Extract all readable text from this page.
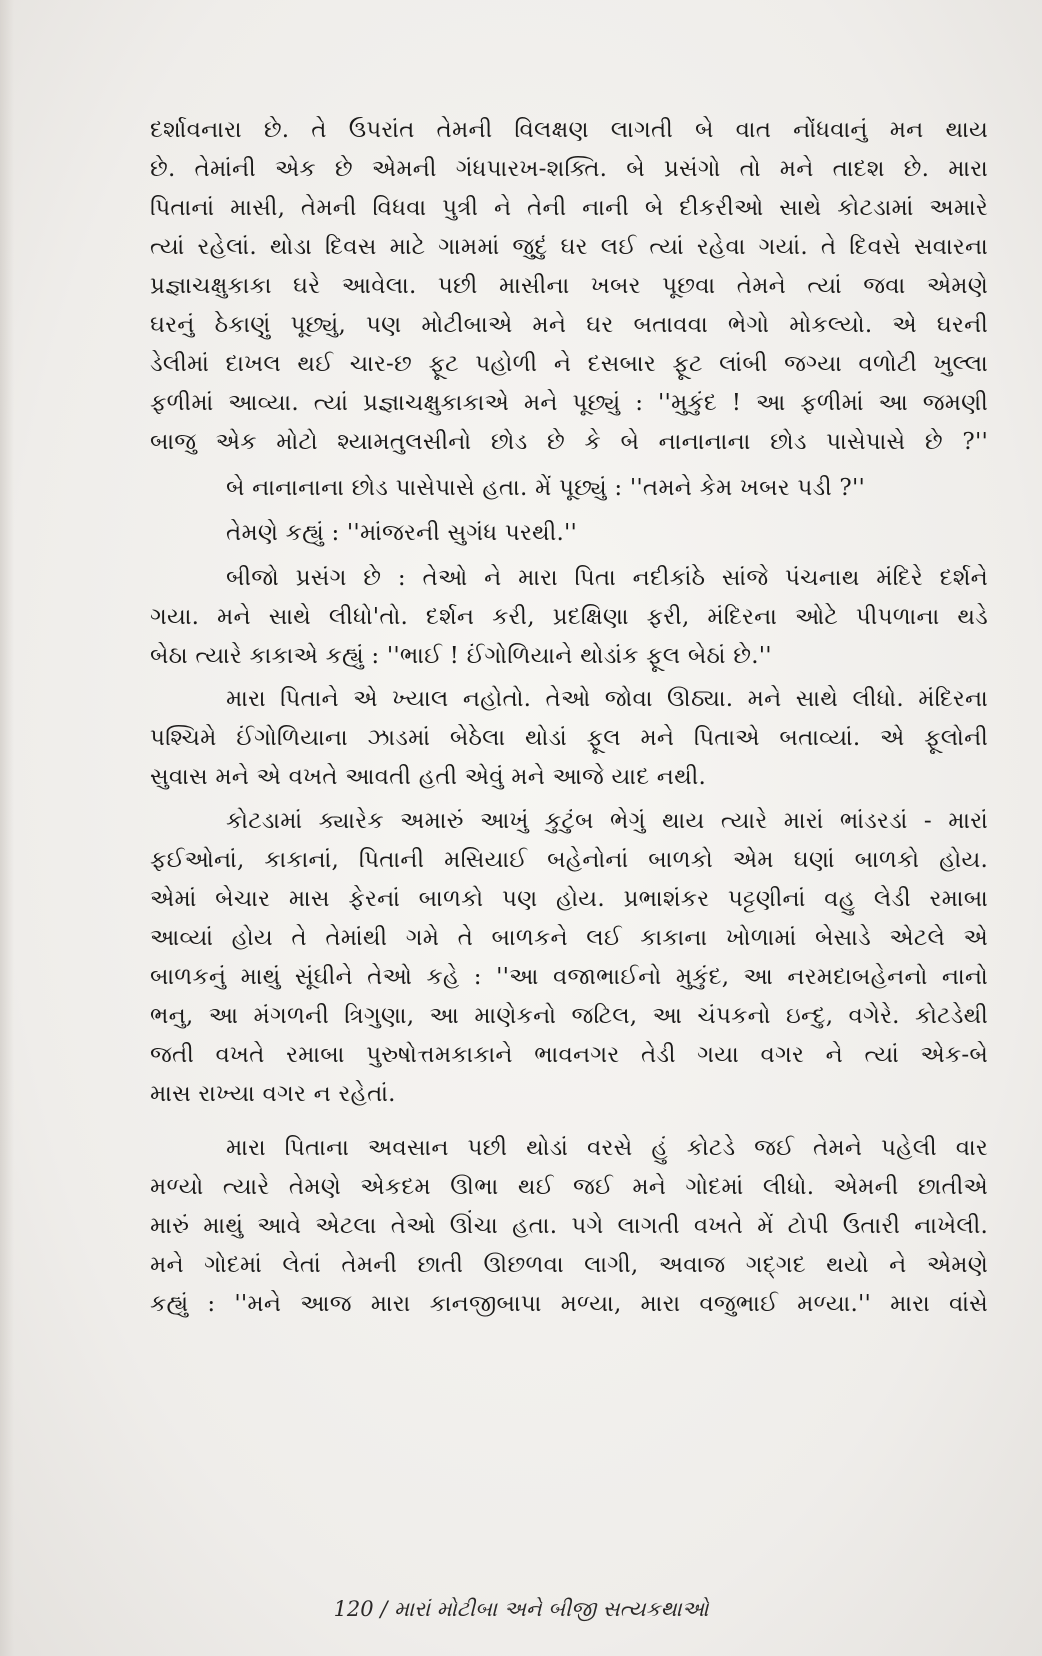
દર્શાવનારા છે. તે ઉપરાંત તેમની વિલક્ષણ લાગતી બે વાત નોંધવાનું મન થાય
છે. તેમાંની એક છે એમની ગંધપારખ-શક્તિ. બે પ્રસંગો તો મને તાદશ છે. મારા
પિતાનાં માસી, તેમની વિધવા પુત્રી ને તેની નાની બે દીકરીઓ સાથે કોટડામાં અમારે
ત્યાં રહેલાં. થોડા દિવસ માટે ગામમાં જુદું ઘર લઈ ત્યાં રહેવા ગયાં. તે દિવસે સવારના
પ્રજ્ઞાચક્ષુકાકા ઘરે આવેલા. પછી માસીના ખબર પૂછવા તેમને ત્યાં જવા એમણે
ઘરનું ઠેકાણું પૂછ્યું, પણ મોટીબાએ મને ઘર બતાવવા ભેગો મોકલ્યો. એ ઘરની
ડેલીમાં દાખલ થઈ ચાર-છ ફૂટ પહોળી ને દસબાર ફૂટ લાંબી જગ્યા વળોટી ખુલ્લા
ફળીમાં આવ્યા. ત્યાં પ્રજ્ઞાચક્ષુકાકાએ મને પૂછ્યું : ''મુકુંદ ! આ ફળીમાં આ જમણી
બાજુ એક મોટો શ્યામતુલસીનો છોડ છે કે બે નાનાનાના છોડ પાસેપાસે છે ?''
બે નાનાનાના છોડ પાસેપાસે હતા. મેં પૂછ્યું : ''તમને કેમ ખબર પડી ?''
તેમણે કહ્યું : ''માંજરની સુગંધ પરથી.''
બીજો પ્રસંગ છે : તેઓ ને મારા પિતા નદીકાંઠે સાંજે પંચનાથ મંદિરે દર્શને
ગયા. મને સાથે લીધો'તો. દર્શન કરી, પ્રદક્ષિણા ફરી, મંદિરના ઓટે પીપળાના થડે
બેઠા ત્યારે કાકાએ કહ્યું : ''ભાઈ ! ઈંગોળિયાને થોડાંક ફૂલ બેઠાં છે.''
મારા પિતાને એ ખ્યાલ નહોતો. તેઓ જોવા ઊઠ્યા. મને સાથે લીધો. મંદિરના
પશ્ચિમે ઈંગોળિયાના ઝાડમાં બેઠેલા થોડાં ફૂલ મને પિતાએ બતાવ્યાં. એ ફૂલોની
સુવાસ મને એ વખતે આવતી હતી એવું મને આજે યાદ નથી.
કોટડામાં ક્યારેક અમારું આખું કુટુંબ ભેગું થાય ત્યારે મારાં ભાંડરડાં - મારાં
ફઈઓનાં, કાકાનાં, પિતાની મસિયાઈ બહેનોનાં બાળકો એમ ઘણાં બાળકો હોય.
એમાં બેચાર માસ ફેરનાં બાળકો પણ હોય. પ્રભાશંકર પટ્ટણીનાં વહુ લેડી રમાબા
આવ્યાં હોય તે તેમાંથી ગમે તે બાળકને લઈ કાકાના ખોળામાં બેસાડે એટલે એ
બાળકનું માથું સૂંઘીને તેઓ કહે : ''આ વજાભાઈનો મુકુંદ, આ નરમદાબહેનનો નાનો
ભનુ, આ મંગળની ત્રિગુણા, આ માણેકનો જટિલ, આ ચંપકનો ઇન્દુ, વગેરે. કોટડેથી
જતી વખતે રમાબા પુરુષોત્તમકાકાને ભાવનગર તેડી ગયા વગર ને ત્યાં એક-બે
માસ રાખ્યા વગર ન રહેતાં.
મારા પિતાના અવસાન પછી થોડાં વરસે હું કોટડે જઈ તેમને પહેલી વાર
મળ્યો ત્યારે તેમણે એકદમ ઊભા થઈ જઈ મને ગોદમાં લીધો. એમની છાતીએ
મારું માથું આવે એટલા તેઓ ઊંચા હતા. પગે લાગતી વખતે મેં ટોપી ઉતારી નાખેલી.
મને ગોદમાં લેતાં તેમની છાતી ઊછળવા લાગી, અવાજ ગદ્ગદ થયો ને એમણે
કહ્યું : ''મને આજ મારા કાનજીબાપા મળ્યા, મારા વજુભાઈ મળ્યા.'' મારા વાંસે
120 / મારાં મોટીબા અને બીજી સત્યકથાઓ
